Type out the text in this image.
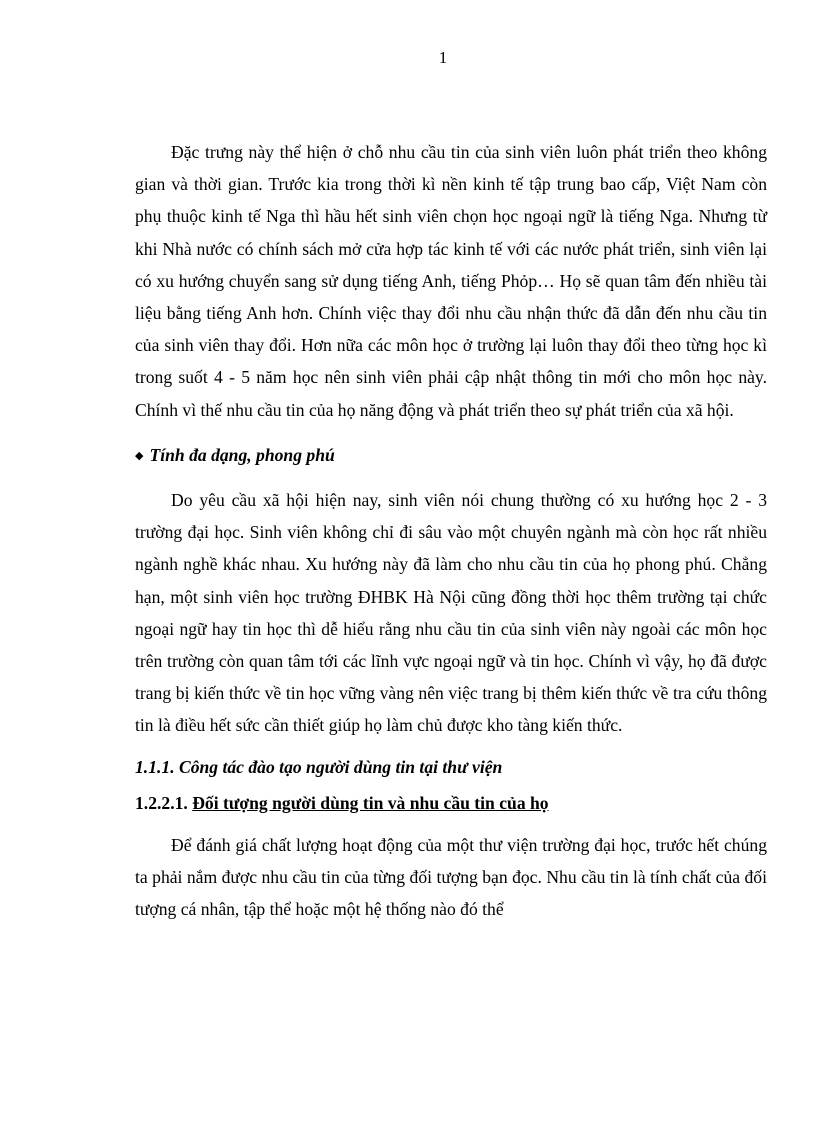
1

Đặc trưng này thể hiện ở chỗ nhu cầu tin của sinh viên luôn phát triển theo không gian và thời gian. Trước kia trong thời kì nền kinh tế tập trung bao cấp, Việt Nam còn phụ thuộc kinh tế Nga thì hầu hết sinh viên chọn học ngoại ngữ là tiếng Nga. Nhưng từ khi Nhà nước có chính sách mở cửa hợp tác kinh tế với các nước phát triển, sinh viên lại có xu hướng chuyển sang sử dụng tiếng Anh, tiếng Phỏp… Họ sẽ quan tâm đến nhiều tài liệu bằng tiếng Anh hơn. Chính việc thay đổi nhu cầu nhận thức đã dẫn đến nhu cầu tin của sinh viên thay đổi. Hơn nữa các môn học ở trường lại luôn thay đổi theo từng học kì trong suốt 4 - 5 năm học nên sinh viên phải cập nhật thông tin mới cho môn học này. Chính vì thế nhu cầu tin của họ năng động và phát triển theo sự phát triển của xã hội.

◆ Tính đa dạng, phong phú

Do yêu cầu xã hội hiện nay, sinh viên nói chung thường có xu hướng học 2 - 3 trường đại học. Sinh viên không chỉ đi sâu vào một chuyên ngành mà còn học rất nhiều ngành nghề khác nhau. Xu hướng này đã làm cho nhu cầu tin của họ phong phú. Chẳng hạn, một sinh viên học trường ĐHBK Hà Nội cũng đồng thời học thêm trường tại chức ngoại ngữ hay tin học thì dễ hiểu rằng nhu cầu tin của sinh viên này ngoài các môn học trên trường còn quan tâm tới các lĩnh vực ngoại ngữ và tin học. Chính vì vậy, họ đã được trang bị kiến thức về tin học vững vàng nên việc trang bị thêm kiến thức về tra cứu thông tin là điều hết sức cần thiết giúp họ làm chủ được kho tàng kiến thức.

1.1.1. Công tác đào tạo người dùng tin tại thư viện

1.2.2.1. Đối tượng người dùng tin và nhu cầu tin của họ

Để đánh giá chất lượng hoạt động của một thư viện trường đại học, trước hết chúng ta phải nắm được nhu cầu tin của từng đối tượng bạn đọc. Nhu cầu tin là tính chất của đối tượng cá nhân, tập thể hoặc một hệ thống nào đó thể
